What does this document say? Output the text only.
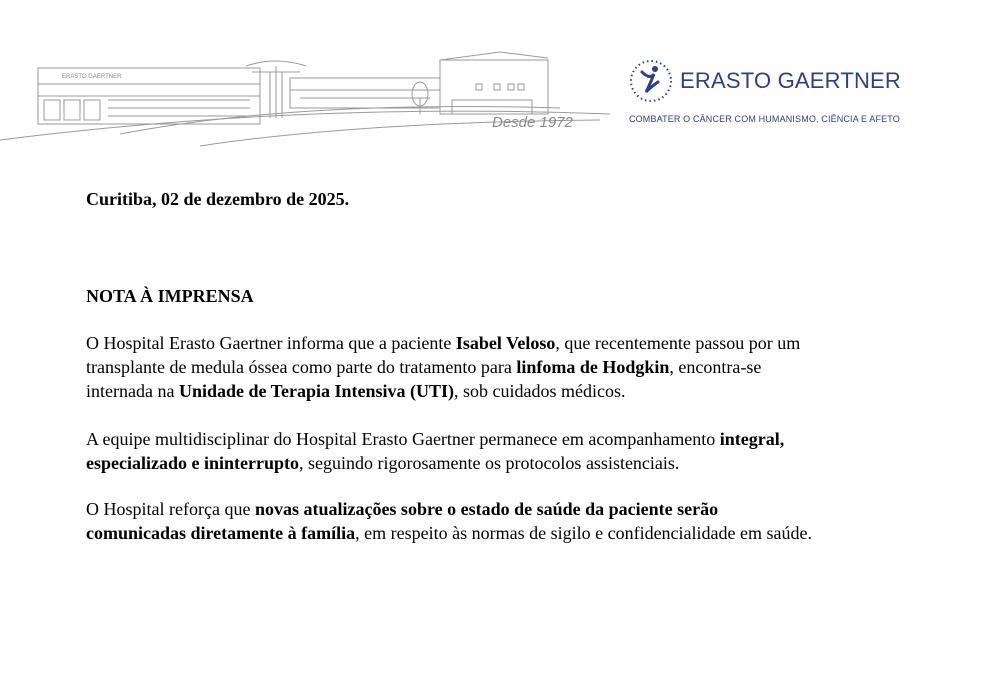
ERASTO GAERTNER
Desde 1972
ERASTO GAERTNER
COMBATER O CÂNCER COM HUMANISMO, CIÊNCIA E AFETO
Curitiba, 02 de dezembro de 2025.
NOTA À IMPRENSA

O Hospital Erasto Gaertner informa que a paciente Isabel Veloso, que recentemente passou por um
transplante de medula óssea como parte do tratamento para linfoma de Hodgkin, encontra-se
internada na Unidade de Terapia Intensiva (UTI), sob cuidados médicos.

A equipe multidisciplinar do Hospital Erasto Gaertner permanece em acompanhamento integral,
especializado e ininterrupto, seguindo rigorosamente os protocolos assistenciais.

O Hospital reforça que novas atualizações sobre o estado de saúde da paciente serão
comunicadas diretamente à família, em respeito às normas de sigilo e confidencialidade em saúde.
